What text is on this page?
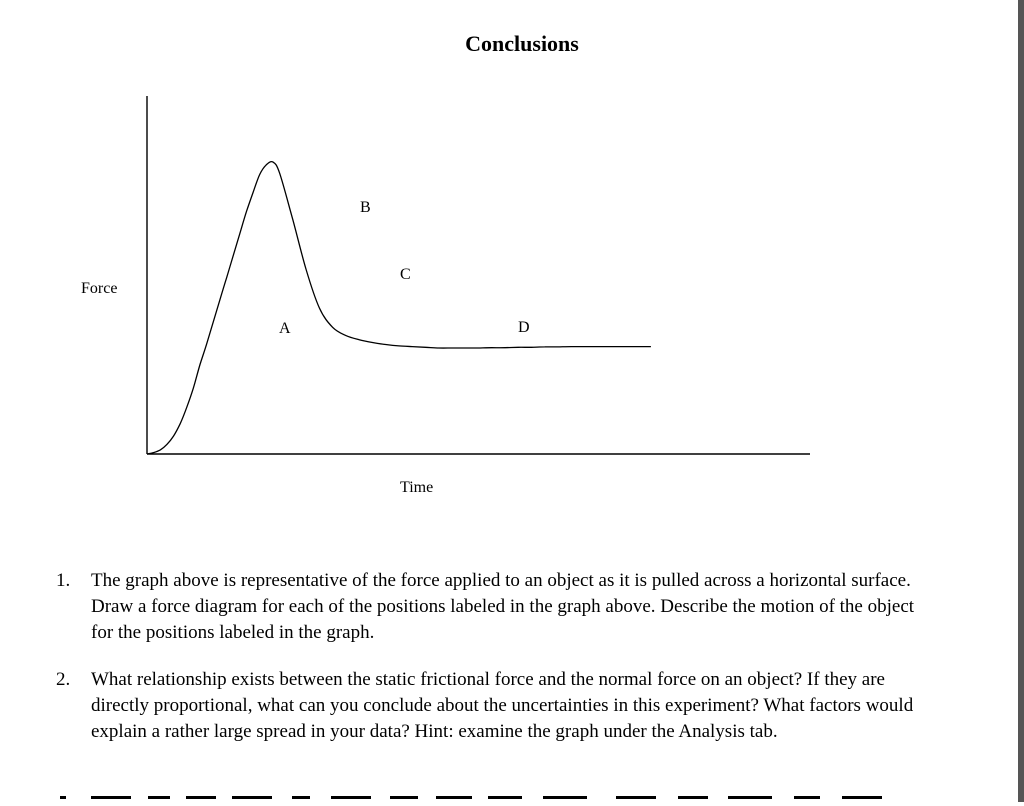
Conclusions
Force
Time
A
B
C
D
1. The graph above is representative of the force applied to an object as it is pulled across a horizontal surface. Draw a force diagram for each of the positions labeled in the graph above. Describe the motion of the object for the positions labeled in the graph.
2. What relationship exists between the static frictional force and the normal force on an object? If they are directly proportional, what can you conclude about the uncertainties in this experiment? What factors would explain a rather large spread in your data? Hint: examine the graph under the Analysis tab.
